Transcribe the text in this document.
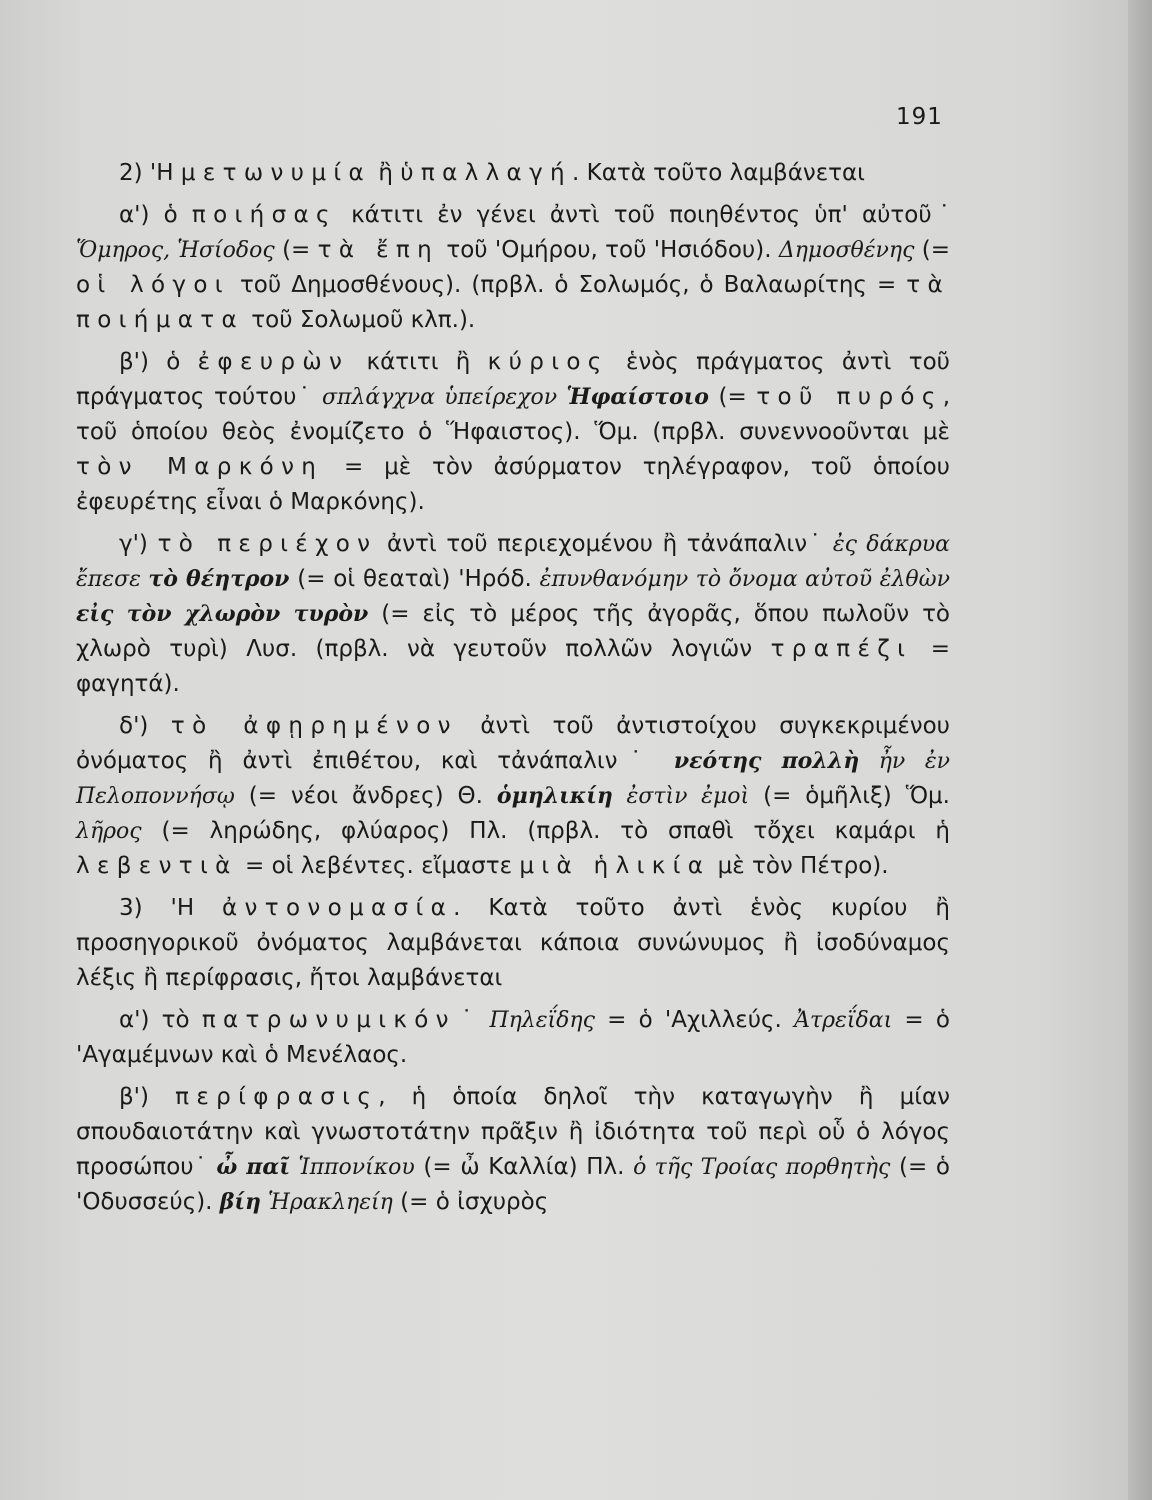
191

2) 'Η μετωνυμία ἢ ὑπαλλαγή. Κατὰ τοῦτο λαμβάνεται

α') ὁ ποιήσας κάτιτι ἐν γένει ἀντὶ τοῦ ποιηθέντος ὑπ' αὐτοῦ˙ Ὅμηρος, Ἡσίοδος (= τὰ ἔπη τοῦ 'Ομήρου, τοῦ 'Ησιόδου). Δημοσθένης (= οἱ λόγοι τοῦ Δημοσθένους). (πρβλ. ὁ Σολωμός, ὁ Βαλαωρίτης = τὰ ποιήματα τοῦ Σολωμοῦ κλπ.).

β') ὁ ἐφευρὼν κάτιτι ἢ κύριος ἑνὸς πράγματος ἀντὶ τοῦ πράγματος τούτου˙ σπλάγχνα ὑπείρεχον Ἡφαίστοιο (= τοῦ πυρός, τοῦ ὁποίου θεὸς ἐνομίζετο ὁ Ἥφαιστος). Ὅμ. (πρβλ. συνεννοοῦνται μὲ τὸν Μαρκόνη = μὲ τὸν ἀσύρματον τηλέγραφον, τοῦ ὁποίου ἐφευρέτης εἶναι ὁ Μαρκόνης).

γ') τὸ περιέχον ἀντὶ τοῦ περιεχομένου ἢ τἀνάπαλιν˙ ἐς δάκρυα ἔπεσε τὸ θέητρον (= οἱ θεαταὶ) 'Ηρόδ. ἐπυνθανόμην τὸ ὄνομα αὐτοῦ ἐλθὼν εἰς τὸν χλωρὸν τυρὸν (= εἰς τὸ μέρος τῆς ἀγορᾶς, ὅπου πωλοῦν τὸ χλωρὸ τυρὶ) Λυσ. (πρβλ. νὰ γευτοῦν πολλῶν λογιῶν τραπέζι = φαγητά).

δ') τὸ ἀφῃρημένον ἀντὶ τοῦ ἀντιστοίχου συγκεκριμένου ὀνόματος ἢ ἀντὶ ἐπιθέτου, καὶ τἀνάπαλιν˙ νεότης πολλὴ ἦν ἐν Πελοποννήσῳ (= νέοι ἄνδρες) Θ. ὁμηλικίη ἐστὶν ἐμοὶ (= ὁμῆλιξ) Ὅμ. λῆρος (= ληρώδης, φλύαρος) Πλ. (πρβλ. τὸ σπαθὶ τὄχει καμάρι ἡ λεβεντιὰ = οἱ λεβέντες. εἴμαστε μιὰ ἡλικία μὲ τὸν Πέτρο).

3) 'Η ἀντονομασία. Κατὰ τοῦτο ἀντὶ ἑνὸς κυρίου ἢ προσηγορικοῦ ὀνόματος λαμβάνεται κάποια συνώνυμος ἢ ἰσοδύναμος λέξις ἢ περίφρασις, ἤτοι λαμβάνεται

α') τὸ πατρωνυμικόν˙ Πηλεΐδης = ὁ 'Αχιλλεύς. Ἀτρεΐδαι = ὁ 'Αγαμέμνων καὶ ὁ Μενέλαος.

β') περίφρασις, ἡ ὁποία δηλοῖ τὴν καταγωγὴν ἢ μίαν σπουδαιοτάτην καὶ γνωστοτάτην πρᾶξιν ἢ ἰδιότητα τοῦ περὶ οὗ ὁ λόγος προσώπου˙ ὦ παῖ Ἱππονίκου (= ὦ Καλλία) Πλ. ὁ τῆς Τροίας πορθητὴς (= ὁ 'Οδυσσεύς). βίη Ἡρακληείη (= ὁ ἰσχυρὸς
